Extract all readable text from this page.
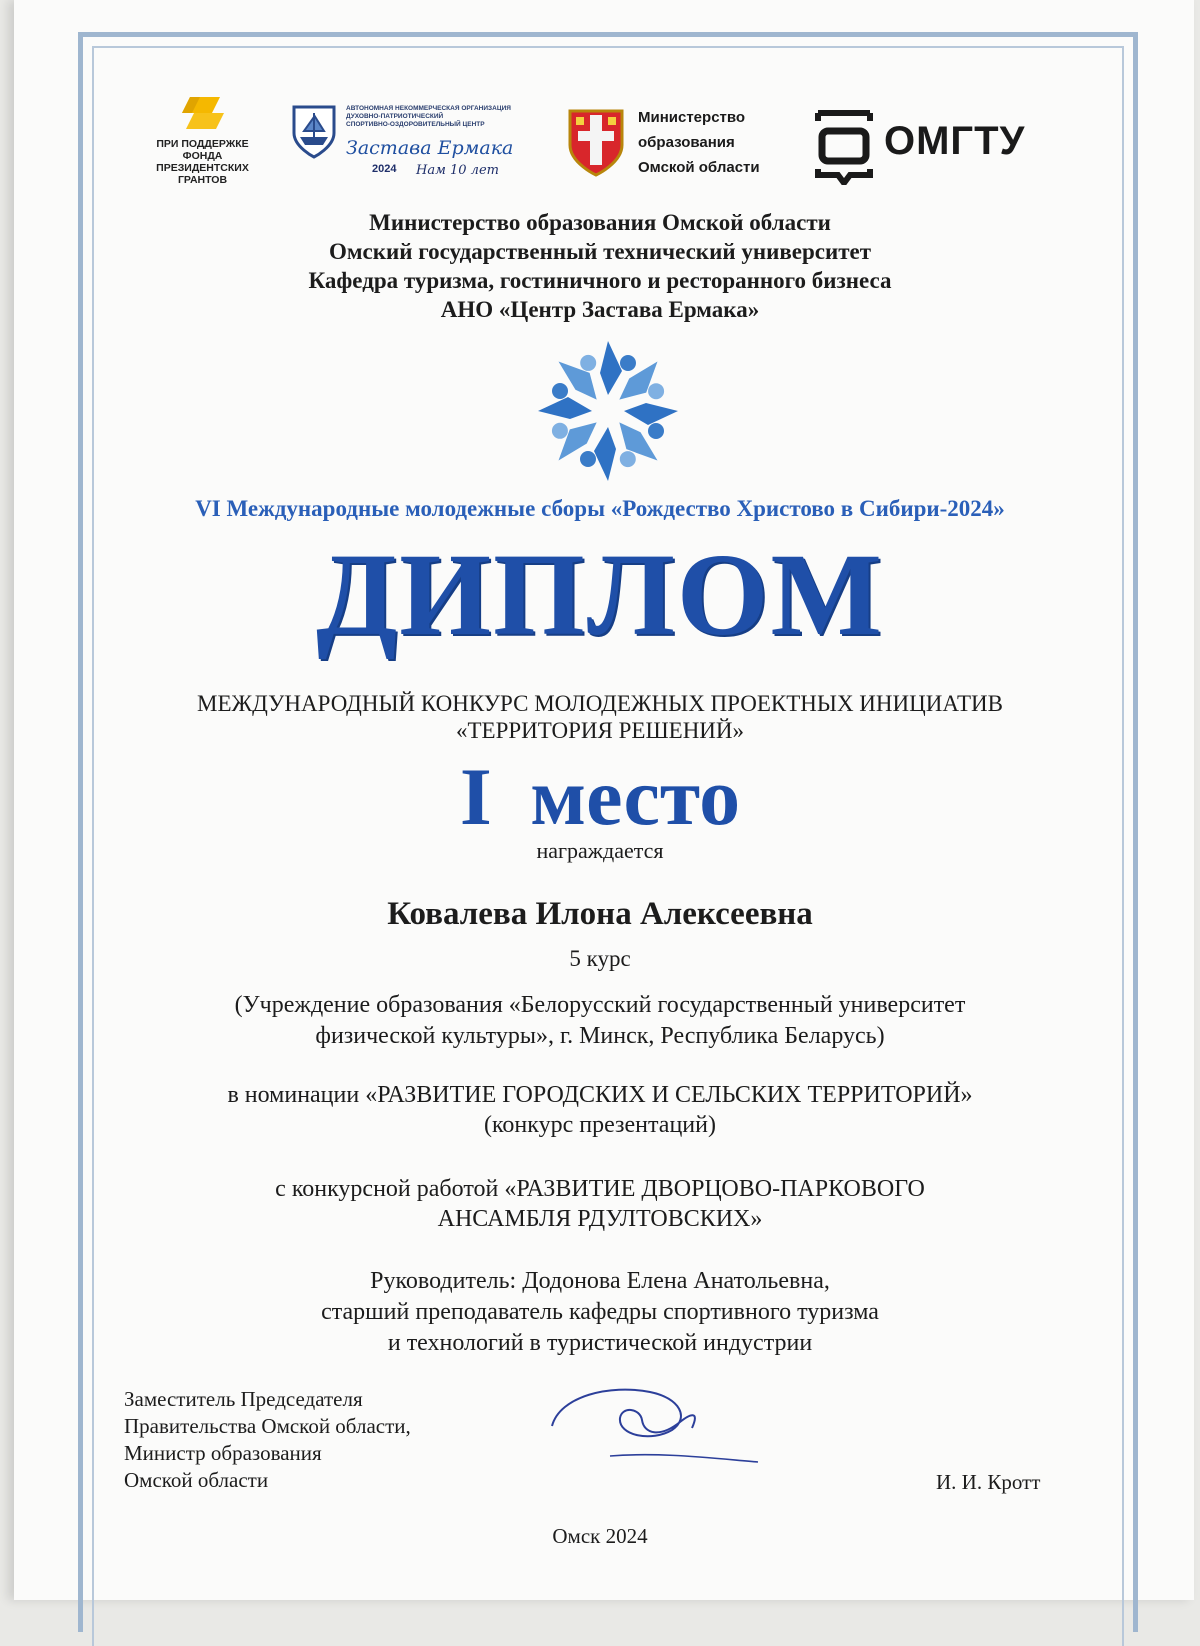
ПРИ ПОДДЕРЖКЕ
ФОНДА
ПРЕЗИДЕНТСКИХ
ГРАНТОВ
АВТОНОМНАЯ НЕКОММЕРЧЕСКАЯ ОРГАНИЗАЦИЯ
ДУХОВНО-ПАТРИОТИЧЕСКИЙ
СПОРТИВНО-ОЗДОРОВИТЕЛЬНЫЙ ЦЕНТР
Застава Ермака
2024 Нам 10 лет
Министерство
образования
Омской области
ОМГТУ
Министерство образования Омской области
Омский государственный технический университет
Кафедра туризма, гостиничного и ресторанного бизнеса
АНО «Центр Застава Ермака»
VI Международные молодежные сборы «Рождество Христово в Сибири-2024»
ДИПЛОМ
МЕЖДУНАРОДНЫЙ КОНКУРС МОЛОДЕЖНЫХ ПРОЕКТНЫХ ИНИЦИАТИВ
«ТЕРРИТОРИЯ РЕШЕНИЙ»
I место
награждается
Ковалева Илона Алексеевна
5 курс
(Учреждение образования «Белорусский государственный университет
физической культуры», г. Минск, Республика Беларусь)
в номинации «РАЗВИТИЕ ГОРОДСКИХ И СЕЛЬСКИХ ТЕРРИТОРИЙ»
(конкурс презентаций)
с конкурсной работой «РАЗВИТИЕ ДВОРЦОВО-ПАРКОВОГО
АНСАМБЛЯ РДУЛТОВСКИХ»
Руководитель: Додонова Елена Анатольевна,
старший преподаватель кафедры спортивного туризма
и технологий в туристической индустрии
Заместитель Председателя
Правительства Омской области,
Министр образования
Омской области	И. И. Кротт
Омск 2024
